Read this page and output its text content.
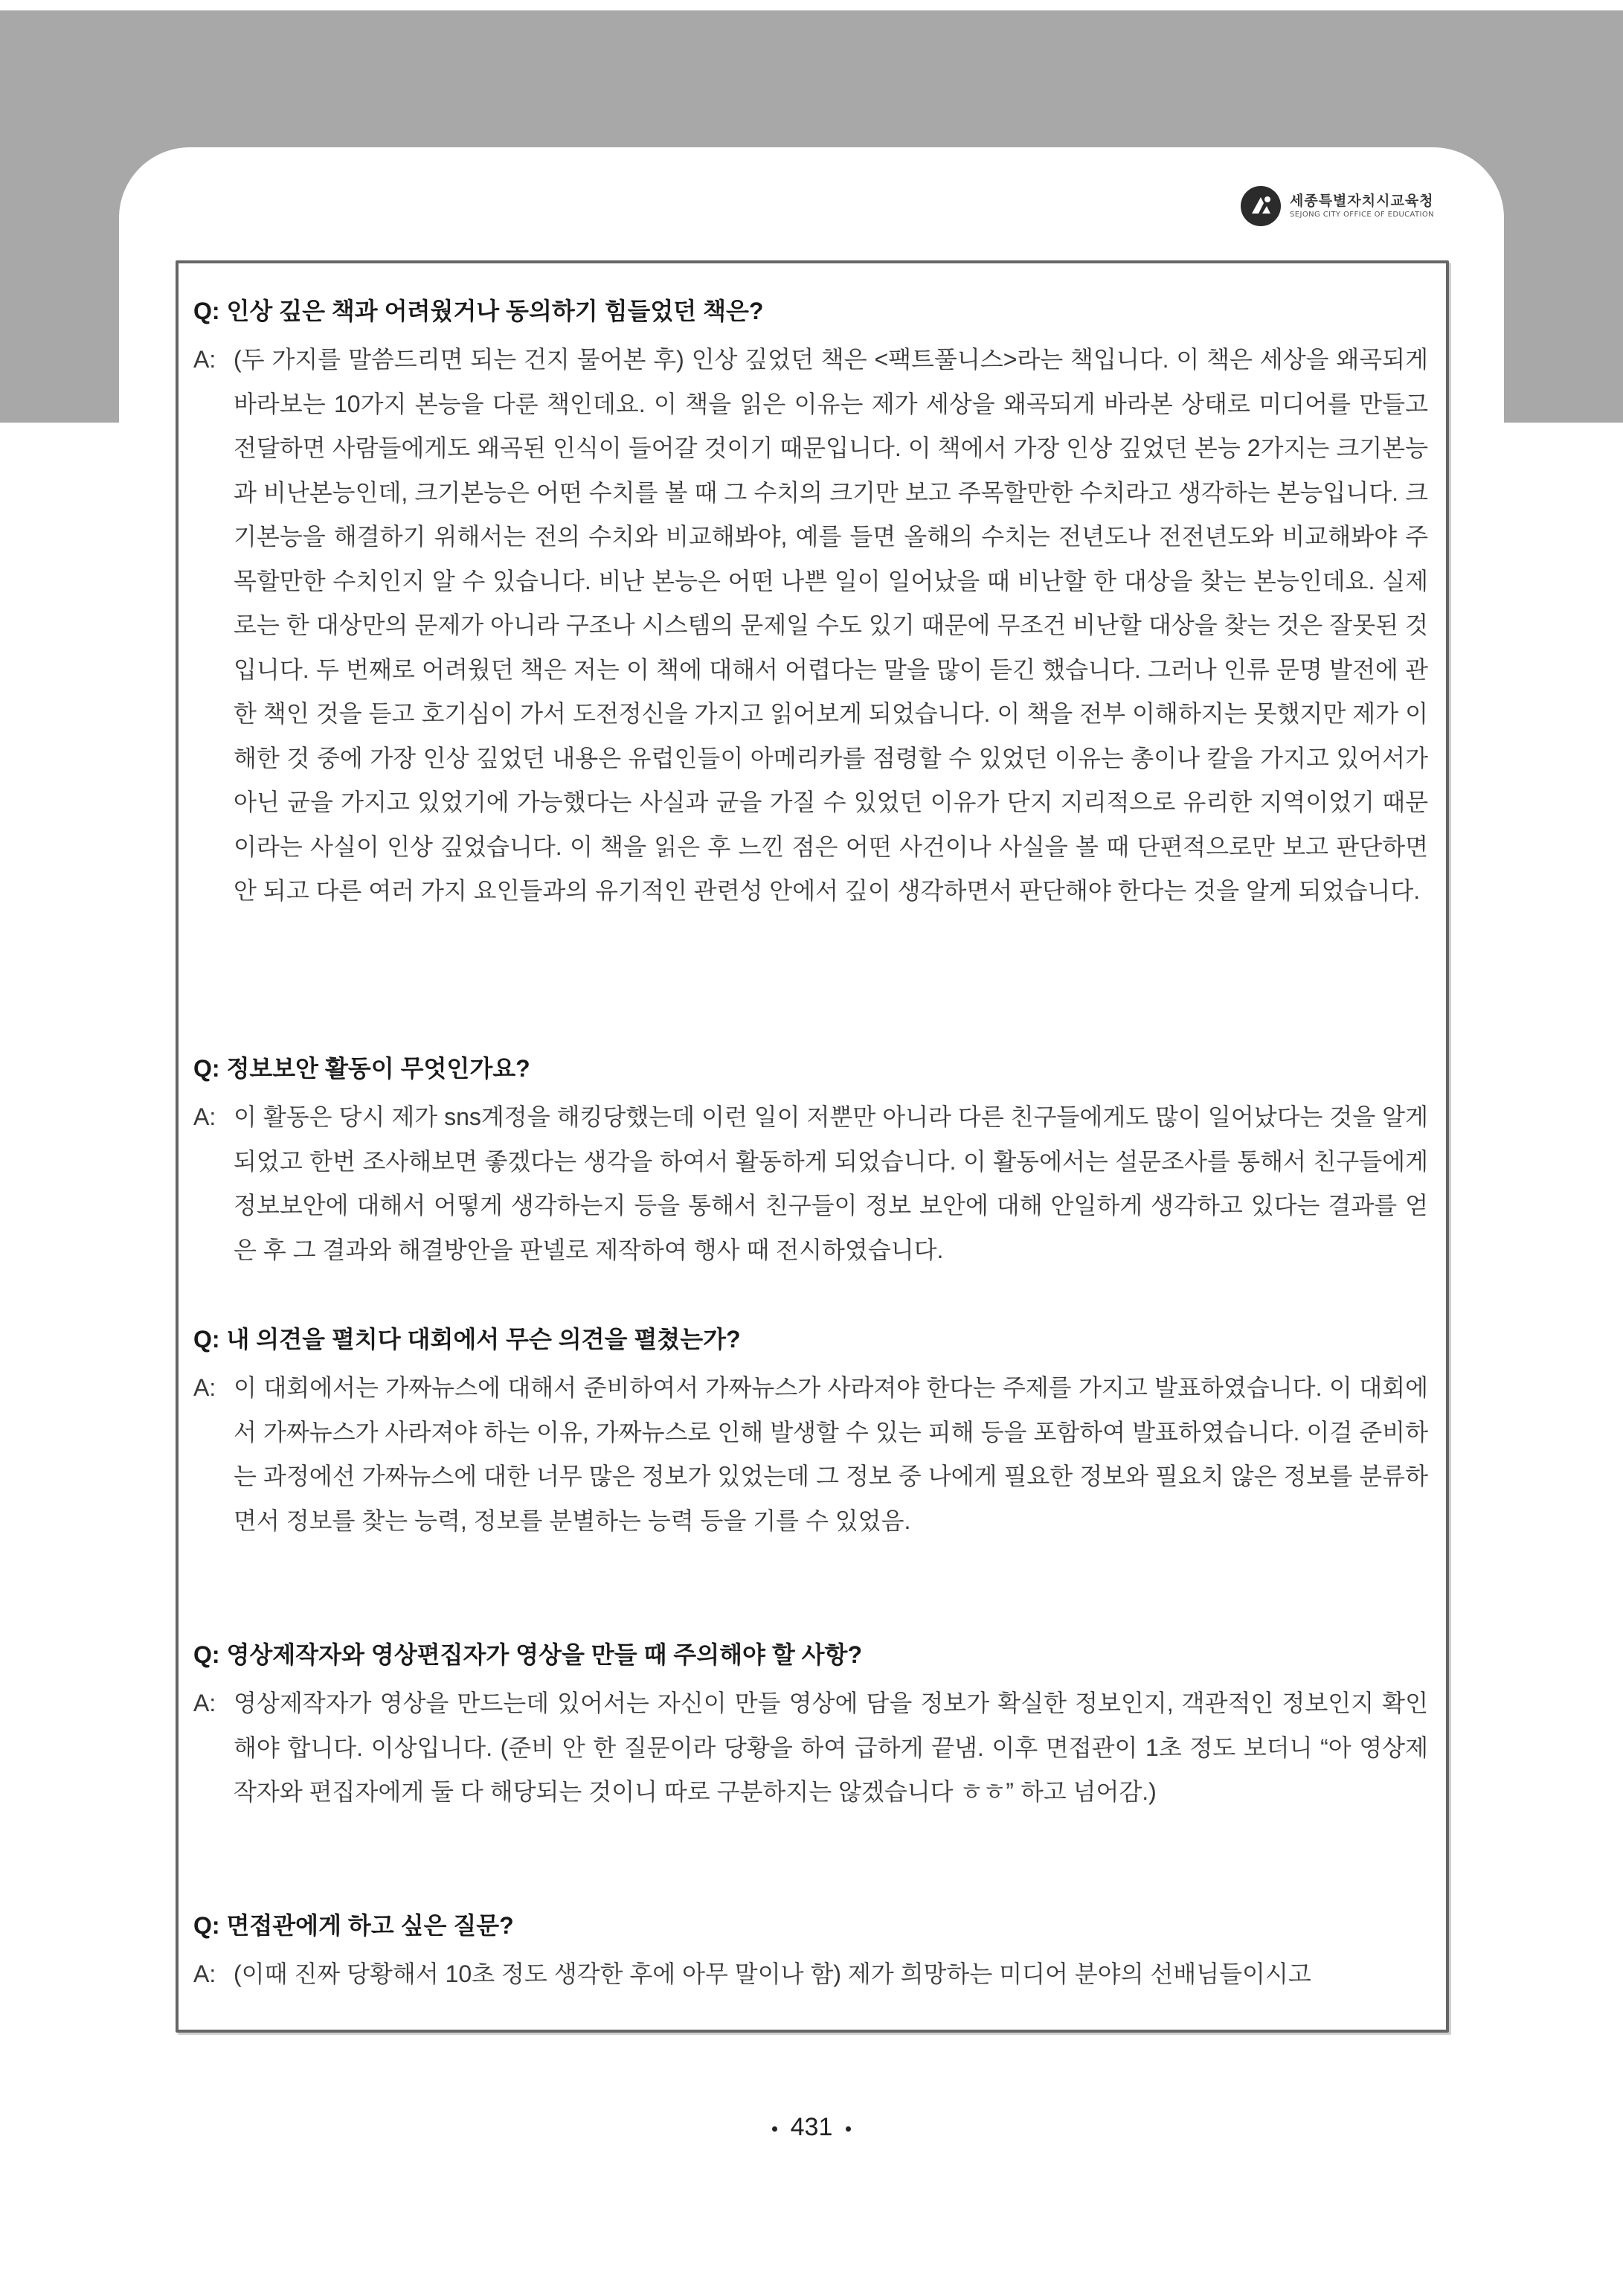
세종특별자치시교육청
SEJONG CITY OFFICE OF EDUCATION

Q: 인상 깊은 책과 어려웠거나 동의하기 힘들었던 책은?

A: (두 가지를 말씀드리면 되는 건지 물어본 후) 인상 깊었던 책은 <팩트풀니스>라는 책입니다. 이 책은 세상을 왜곡되게 바라보는 10가지 본능을 다룬 책인데요. 이 책을 읽은 이유는 제가 세상을 왜곡되게 바라본 상태로 미디어를 만들고 전달하면 사람들에게도 왜곡된 인식이 들어갈 것이기 때문입니다. 이 책에서 가장 인상 깊었던 본능 2가지는 크기본능과 비난본능인데, 크기본능은 어떤 수치를 볼 때 그 수치의 크기만 보고 주목할만한 수치라고 생각하는 본능입니다. 크기본능을 해결하기 위해서는 전의 수치와 비교해봐야, 예를 들면 올해의 수치는 전년도나 전전년도와 비교해봐야 주목할만한 수치인지 알 수 있습니다. 비난 본능은 어떤 나쁜 일이 일어났을 때 비난할 한 대상을 찾는 본능인데요. 실제로는 한 대상만의 문제가 아니라 구조나 시스템의 문제일 수도 있기 때문에 무조건 비난할 대상을 찾는 것은 잘못된 것입니다. 두 번째로 어려웠던 책은 저는 이 책에 대해서 어렵다는 말을 많이 듣긴 했습니다. 그러나 인류 문명 발전에 관한 책인 것을 듣고 호기심이 가서 도전정신을 가지고 읽어보게 되었습니다. 이 책을 전부 이해하지는 못했지만 제가 이해한 것 중에 가장 인상 깊었던 내용은 유럽인들이 아메리카를 점령할 수 있었던 이유는 총이나 칼을 가지고 있어서가 아닌 균을 가지고 있었기에 가능했다는 사실과 균을 가질 수 있었던 이유가 단지 지리적으로 유리한 지역이었기 때문이라는 사실이 인상 깊었습니다. 이 책을 읽은 후 느낀 점은 어떤 사건이나 사실을 볼 때 단편적으로만 보고 판단하면 안 되고 다른 여러 가지 요인들과의 유기적인 관련성 안에서 깊이 생각하면서 판단해야 한다는 것을 알게 되었습니다.

Q: 정보보안 활동이 무엇인가요?

A: 이 활동은 당시 제가 sns계정을 해킹당했는데 이런 일이 저뿐만 아니라 다른 친구들에게도 많이 일어났다는 것을 알게 되었고 한번 조사해보면 좋겠다는 생각을 하여서 활동하게 되었습니다. 이 활동에서는 설문조사를 통해서 친구들에게 정보보안에 대해서 어떻게 생각하는지 등을 통해서 친구들이 정보 보안에 대해 안일하게 생각하고 있다는 결과를 얻은 후 그 결과와 해결방안을 판넬로 제작하여 행사 때 전시하였습니다.

Q: 내 의견을 펼치다 대회에서 무슨 의견을 펼쳤는가?

A: 이 대회에서는 가짜뉴스에 대해서 준비하여서 가짜뉴스가 사라져야 한다는 주제를 가지고 발표하였습니다. 이 대회에서 가짜뉴스가 사라져야 하는 이유, 가짜뉴스로 인해 발생할 수 있는 피해 등을 포함하여 발표하였습니다. 이걸 준비하는 과정에선 가짜뉴스에 대한 너무 많은 정보가 있었는데 그 정보 중 나에게 필요한 정보와 필요치 않은 정보를 분류하면서 정보를 찾는 능력, 정보를 분별하는 능력 등을 기를 수 있었음.

Q: 영상제작자와 영상편집자가 영상을 만들 때 주의해야 할 사항?

A: 영상제작자가 영상을 만드는데 있어서는 자신이 만들 영상에 담을 정보가 확실한 정보인지, 객관적인 정보인지 확인해야 합니다. 이상입니다. (준비 안 한 질문이라 당황을 하여 급하게 끝냄. 이후 면접관이 1초 정도 보더니 “아 영상제작자와 편집자에게 둘 다 해당되는 것이니 따로 구분하지는 않겠습니다 ㅎㅎ” 하고 넘어감.)

Q: 면접관에게 하고 싶은 질문?

A: (이때 진짜 당황해서 10초 정도 생각한 후에 아무 말이나 함) 제가 희망하는 미디어 분야의 선배님들이시고

431
